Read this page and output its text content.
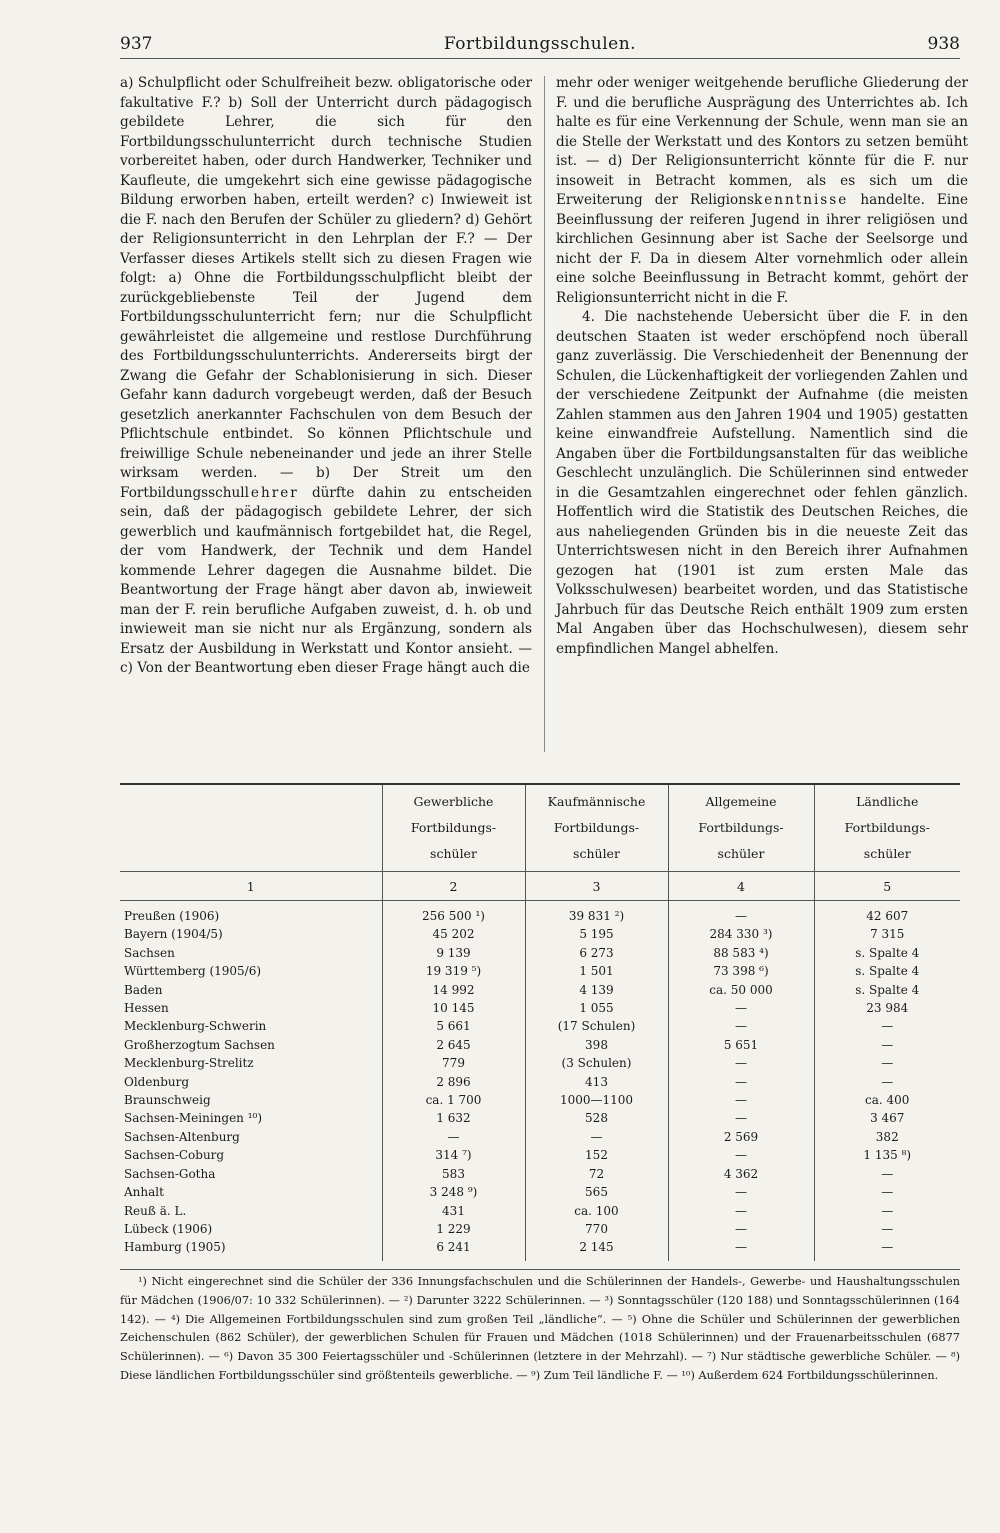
937	Fortbildungsschulen.	938

a) Schulpflicht oder Schulfreiheit bezw. obligatorische oder fakultative F.? b) Soll der Unterricht durch pädagogisch gebildete Lehrer, die sich für den Fortbildungsschulunterricht durch technische Studien vorbereitet haben, oder durch Handwerker, Techniker und Kaufleute, die umgekehrt sich eine gewisse pädagogische Bildung erworben haben, erteilt werden? c) Inwieweit ist die F. nach den Berufen der Schüler zu gliedern? d) Gehört der Religionsunterricht in den Lehrplan der F.? — Der Verfasser dieses Artikels stellt sich zu diesen Fragen wie folgt: a) Ohne die Fortbildungsschulpflicht bleibt der zurückgebliebenste Teil der Jugend dem Fortbildungsschulunterricht fern; nur die Schulpflicht gewährleistet die allgemeine und restlose Durchführung des Fortbildungsschulunterrichts. Andererseits birgt der Zwang die Gefahr der Schablonisierung in sich. Dieser Gefahr kann dadurch vorgebeugt werden, daß der Besuch gesetzlich anerkannter Fachschulen von dem Besuch der Pflichtschule entbindet. So können Pflichtschule und freiwillige Schule nebeneinander und jede an ihrer Stelle wirksam werden. — b) Der Streit um den Fortbildungsschullehrer dürfte dahin zu entscheiden sein, daß der pädagogisch gebildete Lehrer, der sich gewerblich und kaufmännisch fortgebildet hat, die Regel, der vom Handwerk, der Technik und dem Handel kommende Lehrer dagegen die Ausnahme bildet. Die Beantwortung der Frage hängt aber davon ab, inwieweit man der F. rein berufliche Aufgaben zuweist, d. h. ob und inwieweit man sie nicht nur als Ergänzung, sondern als Ersatz der Ausbildung in Werkstatt und Kontor ansieht. — c) Von der Beantwortung eben dieser Frage hängt auch die

mehr oder weniger weitgehende berufliche Gliederung der F. und die berufliche Ausprägung des Unterrichtes ab. Ich halte es für eine Verkennung der Schule, wenn man sie an die Stelle der Werkstatt und des Kontors zu setzen bemüht ist. — d) Der Religionsunterricht könnte für die F. nur insoweit in Betracht kommen, als es sich um die Erweiterung der Religionskenntnisse handelte. Eine Beeinflussung der reiferen Jugend in ihrer religiösen und kirchlichen Gesinnung aber ist Sache der Seelsorge und nicht der F. Da in diesem Alter vornehmlich oder allein eine solche Beeinflussung in Betracht kommt, gehört der Religionsunterricht nicht in die F.

4. Die nachstehende Uebersicht über die F. in den deutschen Staaten ist weder erschöpfend noch überall ganz zuverlässig. Die Verschiedenheit der Benennung der Schulen, die Lückenhaftigkeit der vorliegenden Zahlen und der verschiedene Zeitpunkt der Aufnahme (die meisten Zahlen stammen aus den Jahren 1904 und 1905) gestatten keine einwandfreie Aufstellung. Namentlich sind die Angaben über die Fortbildungsanstalten für das weibliche Geschlecht unzulänglich. Die Schülerinnen sind entweder in die Gesamtzahlen eingerechnet oder fehlen gänzlich. Hoffentlich wird die Statistik des Deutschen Reiches, die aus naheliegenden Gründen bis in die neueste Zeit das Unterrichtswesen nicht in den Bereich ihrer Aufnahmen gezogen hat (1901 ist zum ersten Male das Volksschulwesen) bearbeitet worden, und das Statistische Jahrbuch für das Deutsche Reich enthält 1909 zum ersten Mal Angaben über das Hochschulwesen), diesem sehr empfindlichen Mangel abhelfen.

	Gewerbliche Fortbildungs- schüler	Kaufmännische Fortbildungs- schüler	Allgemeine Fortbildungs- schüler	Ländliche Fortbildungs- schüler
1	2	3	4	5
Preußen (1906)	256 500 ¹)	39 831 ²)	—	42 607
Bayern (1904/5)	45 202	5 195	284 330 ³)	7 315
Sachsen	9 139	6 273	88 583 ⁴)	s. Spalte 4
Württemberg (1905/6)	19 319 ⁵)	1 501	73 398 ⁶)	s. Spalte 4
Baden	14 992	4 139	ca. 50 000	s. Spalte 4
Hessen	10 145	1 055	—	23 984
Mecklenburg-Schwerin	5 661	(17 Schulen)	—	—
Großherzogtum Sachsen	2 645	398	5 651	—
Mecklenburg-Strelitz	779	(3 Schulen)	—	—
Oldenburg	2 896	413	—	—
Braunschweig	ca. 1 700	1000—1100	—	ca. 400
Sachsen-Meiningen ¹⁰)	1 632	528	—	3 467
Sachsen-Altenburg	—	—	2 569	382
Sachsen-Coburg	314 ⁷)	152	—	1 135 ⁸)
Sachsen-Gotha	583	72	4 362	—
Anhalt	3 248 ⁹)	565	—	—
Reuß ä. L.	431	ca. 100	—	—
Lübeck (1906)	1 229	770	—	—
Hamburg (1905)	6 241	2 145	—	—

¹) Nicht eingerechnet sind die Schüler der 336 Innungsfachschulen und die Schülerinnen der Handels-, Gewerbe- und Haushaltungsschulen für Mädchen (1906/07: 10 332 Schülerinnen). — ²) Darunter 3222 Schülerinnen. — ³) Sonntagsschüler (120 188) und Sonntagsschülerinnen (164 142). — ⁴) Die Allgemeinen Fortbildungsschulen sind zum großen Teil „ländliche“. — ⁵) Ohne die Schüler und Schülerinnen der gewerblichen Zeichenschulen (862 Schüler), der gewerblichen Schulen für Frauen und Mädchen (1018 Schülerinnen) und der Frauenarbeitsschulen (6877 Schülerinnen). — ⁶) Davon 35 300 Feiertagsschüler und -Schülerinnen (letztere in der Mehrzahl). — ⁷) Nur städtische gewerbliche Schüler. — ⁸) Diese ländlichen Fortbildungsschüler sind größtenteils gewerbliche. — ⁹) Zum Teil ländliche F. — ¹⁰) Außerdem 624 Fortbildungsschülerinnen.
